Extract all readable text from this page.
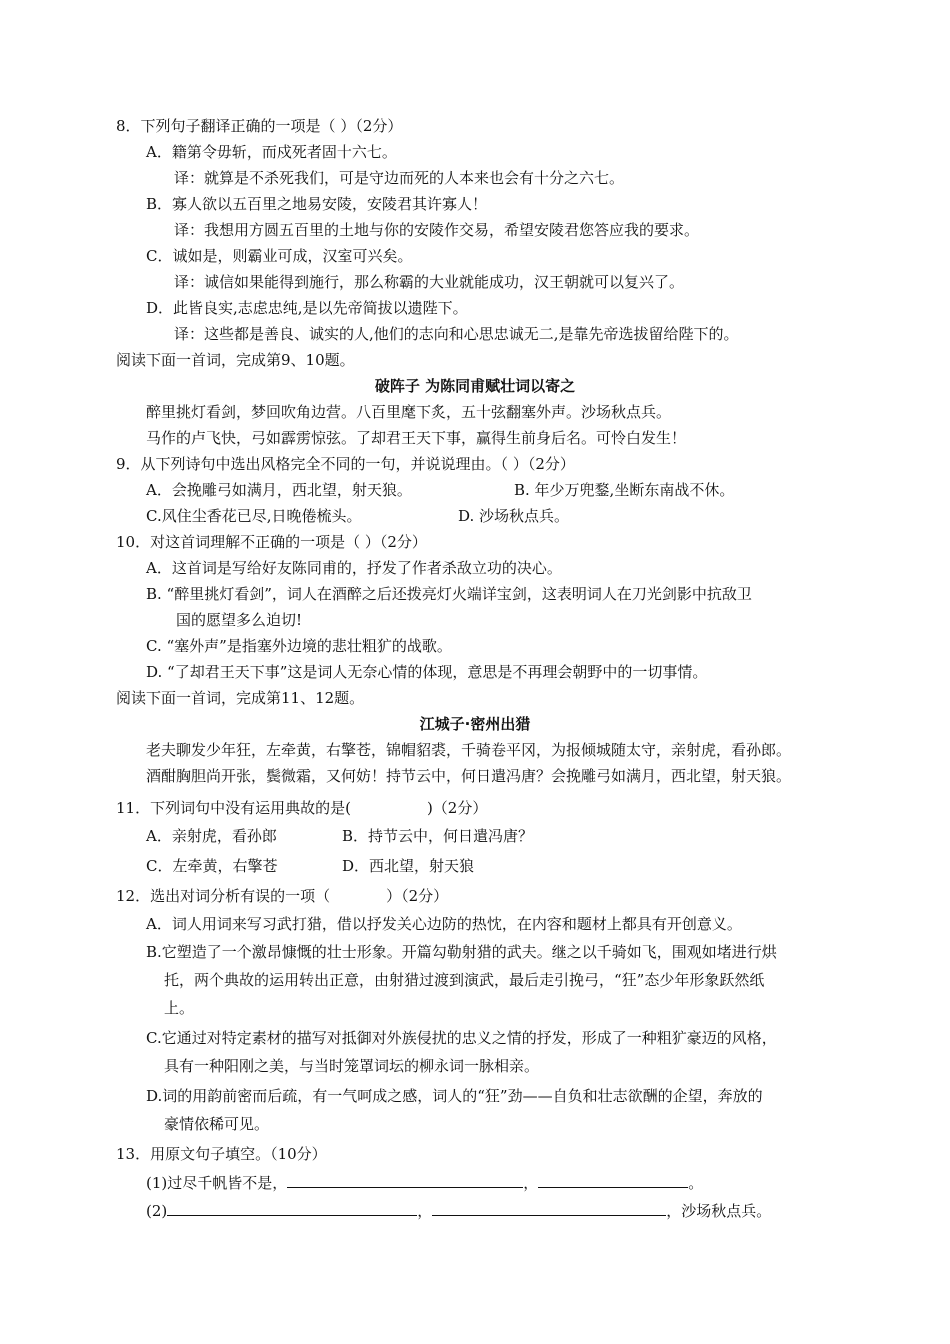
8．下列句子翻译正确的一项是（ ）（2分）
A．籍第令毋斩，而戍死者固十六七。
译：就算是不杀死我们，可是守边而死的人本来也会有十分之六七。
B．寡人欲以五百里之地易安陵，安陵君其许寡人！
译：我想用方圆五百里的土地与你的安陵作交易，希望安陵君您答应我的要求。
C．诚如是，则霸业可成，汉室可兴矣。
译：诚信如果能得到施行，那么称霸的大业就能成功，汉王朝就可以复兴了。
D．此皆良实,志虑忠纯,是以先帝简拔以遗陛下。
译：这些都是善良、诚实的人,他们的志向和心思忠诚无二,是靠先帝选拔留给陛下的。
阅读下面一首词，完成第9、10题。
破阵子 为陈同甫赋壮词以寄之
醉里挑灯看剑，梦回吹角边营。八百里麾下炙，五十弦翻塞外声。沙场秋点兵。
马作的卢飞快，弓如霹雳惊弦。了却君王天下事，赢得生前身后名。可怜白发生！
9．从下列诗句中选出风格完全不同的一句，并说说理由。（ ）（2分）
A．会挽雕弓如满月，西北望，射天狼。	B. 年少万兜鍪,坐断东南战不休。
C.风住尘香花已尽,日晚倦梳头。	D. 沙场秋点兵。
10．对这首词理解不正确的一项是（ ）（2分）
A．这首词是写给好友陈同甫的，抒发了作者杀敌立功的决心。
B. “醉里挑灯看剑”，词人在酒醉之后还拨亮灯火端详宝剑，这表明词人在刀光剑影中抗敌卫
国的愿望多么迫切!
C. “塞外声”是指塞外边境的悲壮粗犷的战歌。
D. “了却君王天下事”这是词人无奈心情的体现，意思是不再理会朝野中的一切事情。
阅读下面一首词，完成第11、12题。
江城子·密州出猎
老夫聊发少年狂，左牵黄，右擎苍，锦帽貂裘，千骑卷平冈，为报倾城随太守，亲射虎，看孙郎。
酒酣胸胆尚开张，鬓微霜，又何妨！持节云中，何日遣冯唐？会挽雕弓如满月，西北望，射天狼。
11．下列词句中没有运用典故的是(	)（2分）
A．亲射虎，看孙郎	B．持节云中，何日遣冯唐？
C．左牵黄，右擎苍	D．西北望，射天狼
12．选出对词分析有误的一项（	）（2分）
A．词人用词来写习武打猎，借以抒发关心边防的热忱，在内容和题材上都具有开创意义。
B.它塑造了一个激昂慷慨的壮士形象。开篇勾勒射猎的武夫。继之以千骑如飞，围观如堵进行烘
托，两个典故的运用转出正意，由射猎过渡到演武，最后走引挽弓，“狂”态少年形象跃然纸
上。
C.它通过对特定素材的描写对抵御对外族侵扰的忠义之情的抒发，形成了一种粗犷豪迈的风格，
具有一种阳刚之美，与当时笼罩词坛的柳永词一脉相亲。
D.词的用韵前密而后疏，有一气呵成之感，词人的“狂”劲——自负和壮志欲酬的企望，奔放的
豪情依稀可见。
13．用原文句子填空。（10分）
(1)过尽千帆皆不是，	，	。
(2)	，	，沙场秋点兵。
